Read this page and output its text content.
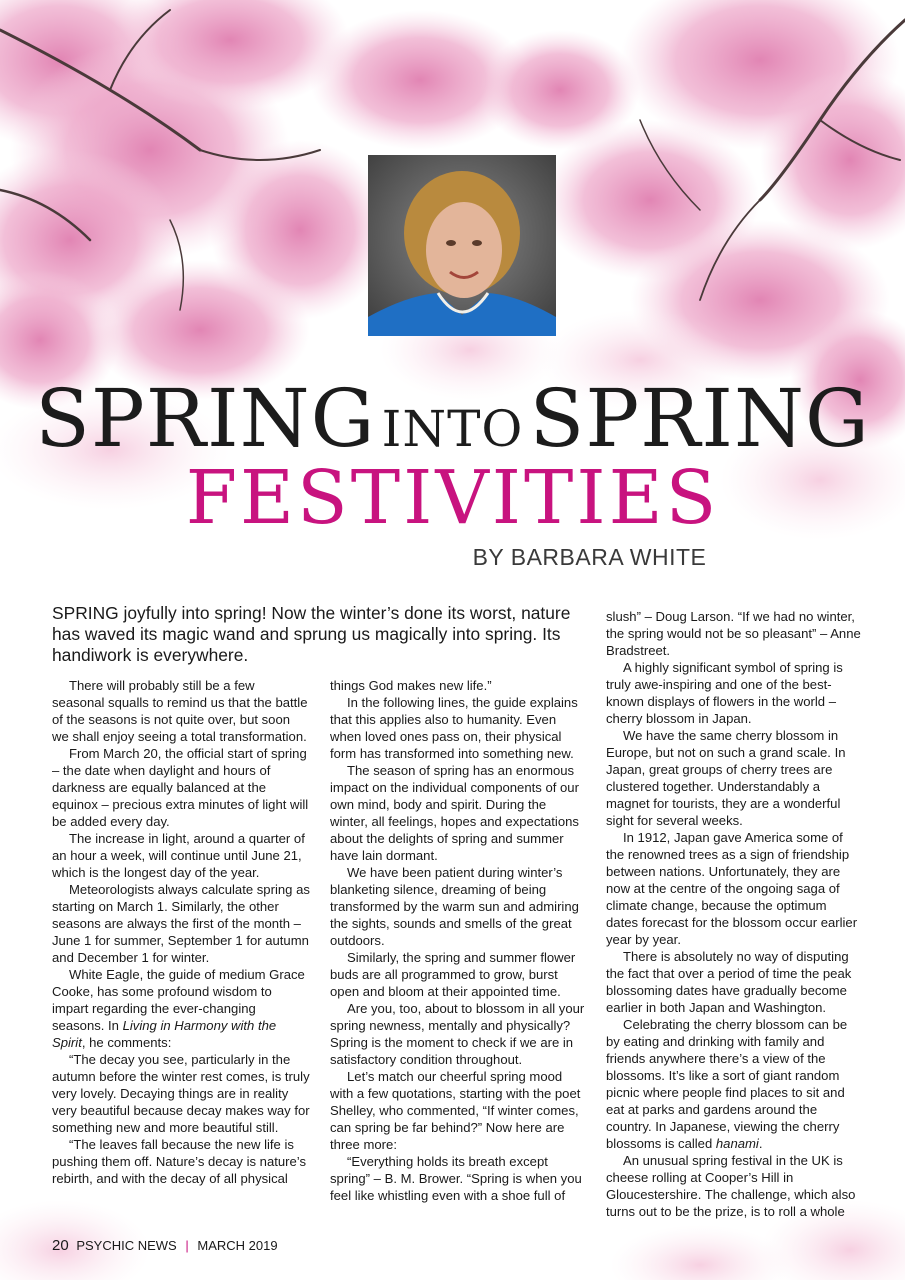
SPRING INTO SPRING
FESTIVITIES
BY BARBARA WHITE

SPRING joyfully into spring! Now the winter’s done its worst, nature has waved its magic wand and sprung us magically into spring. Its handiwork is everywhere.

There will probably still be a few seasonal squalls to remind us that the battle of the seasons is not quite over, but soon we shall enjoy seeing a total transformation.

From March 20, the official start of spring – the date when daylight and hours of darkness are equally balanced at the equinox – precious extra minutes of light will be added every day.

The increase in light, around a quarter of an hour a week, will continue until June 21, which is the longest day of the year.

Meteorologists always calculate spring as starting on March 1. Similarly, the other seasons are always the first of the month – June 1 for summer, September 1 for autumn and December 1 for winter.

White Eagle, the guide of medium Grace Cooke, has some profound wisdom to impart regarding the ever-changing seasons. In Living in Harmony with the Spirit, he comments:

“The decay you see, particularly in the autumn before the winter rest comes, is truly very lovely. Decaying things are in reality very beautiful because decay makes way for something new and more beautiful still.

“The leaves fall because the new life is pushing them off. Nature’s decay is nature’s rebirth, and with the decay of all physical

things God makes new life.”

In the following lines, the guide explains that this applies also to humanity. Even when loved ones pass on, their physical form has transformed into something new.

The season of spring has an enormous impact on the individual components of our own mind, body and spirit. During the winter, all feelings, hopes and expectations about the delights of spring and summer have lain dormant.

We have been patient during winter’s blanketing silence, dreaming of being transformed by the warm sun and admiring the sights, sounds and smells of the great outdoors.

Similarly, the spring and summer flower buds are all programmed to grow, burst open and bloom at their appointed time.

Are you, too, about to blossom in all your spring newness, mentally and physically? Spring is the moment to check if we are in satisfactory condition throughout.

Let’s match our cheerful spring mood with a few quotations, starting with the poet Shelley, who commented, “If winter comes, can spring be far behind?” Now here are three more:

“Everything holds its breath except spring” – B. M. Brower. “Spring is when you feel like whistling even with a shoe full of

slush” – Doug Larson. “If we had no winter, the spring would not be so pleasant” – Anne Bradstreet.

A highly significant symbol of spring is truly awe-inspiring and one of the best-known displays of flowers in the world – cherry blossom in Japan.

We have the same cherry blossom in Europe, but not on such a grand scale. In Japan, great groups of cherry trees are clustered together. Understandably a magnet for tourists, they are a wonderful sight for several weeks.

In 1912, Japan gave America some of the renowned trees as a sign of friendship between nations. Unfortunately, they are now at the centre of the ongoing saga of climate change, because the optimum dates forecast for the blossom occur earlier year by year.

There is absolutely no way of disputing the fact that over a period of time the peak blossoming dates have gradually become earlier in both Japan and Washington.

Celebrating the cherry blossom can be by eating and drinking with family and friends anywhere there’s a view of the blossoms. It’s like a sort of giant random picnic where people find places to sit and eat at parks and gardens around the country. In Japanese, viewing the cherry blossoms is called hanami.

An unusual spring festival in the UK is cheese rolling at Cooper’s Hill in Gloucestershire. The challenge, which also turns out to be the prize, is to roll a whole

20 PSYCHIC NEWS | MARCH 2019
